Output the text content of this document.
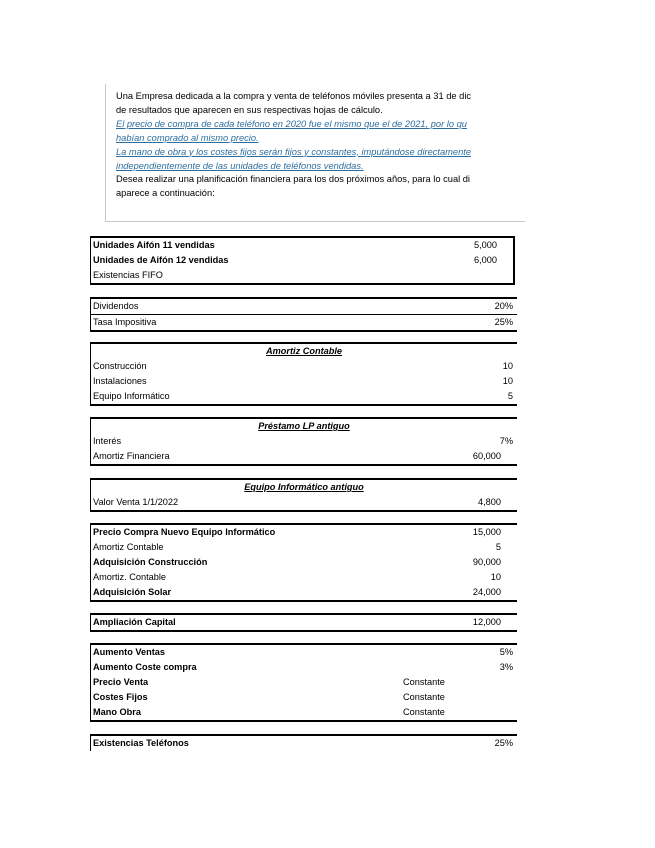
Una Empresa dedicada a la compra y venta de teléfonos móviles presenta a 31 de dic
de resultados que aparecen en sus respectivas hojas de cálculo.
El precio de compra de cada teléfono en 2020 fue el mismo que el de 2021, por lo qu
habían comprado al mismo precio.
La mano de obra y los costes fijos serán fijos y constantes, imputándose directamente
independientemente de las unidades de teléfonos vendidas.
Desea realizar una planificación financiera para los dos próximos años, para lo cual di
aparece a continuación:
Unidades Aifón 11 vendidas	5,000
Unidades de Aifón 12 vendidas	6,000
Existencias FIFO
Dividendos	20%
Tasa Impositiva	25%
Amortiz Contable
Construcción	10
Instalaciones	10
Equipo Informático	5
Préstamo LP antiguo
Interés	7%
Amortiz Financiera	60,000
Equipo Informático antiguo
Valor Venta 1/1/2022	4,800
Precio Compra Nuevo Equipo Informático	15,000
Amortiz Contable	5
Adquisición Construcción	90,000
Amortiz. Contable	10
Adquisición Solar	24,000
Ampliación Capital	12,000
Aumento Ventas	5%
Aumento Coste compra	3%
Precio Venta	Constante
Costes Fijos	Constante
Mano Obra	Constante
Existencias Teléfonos	25%
